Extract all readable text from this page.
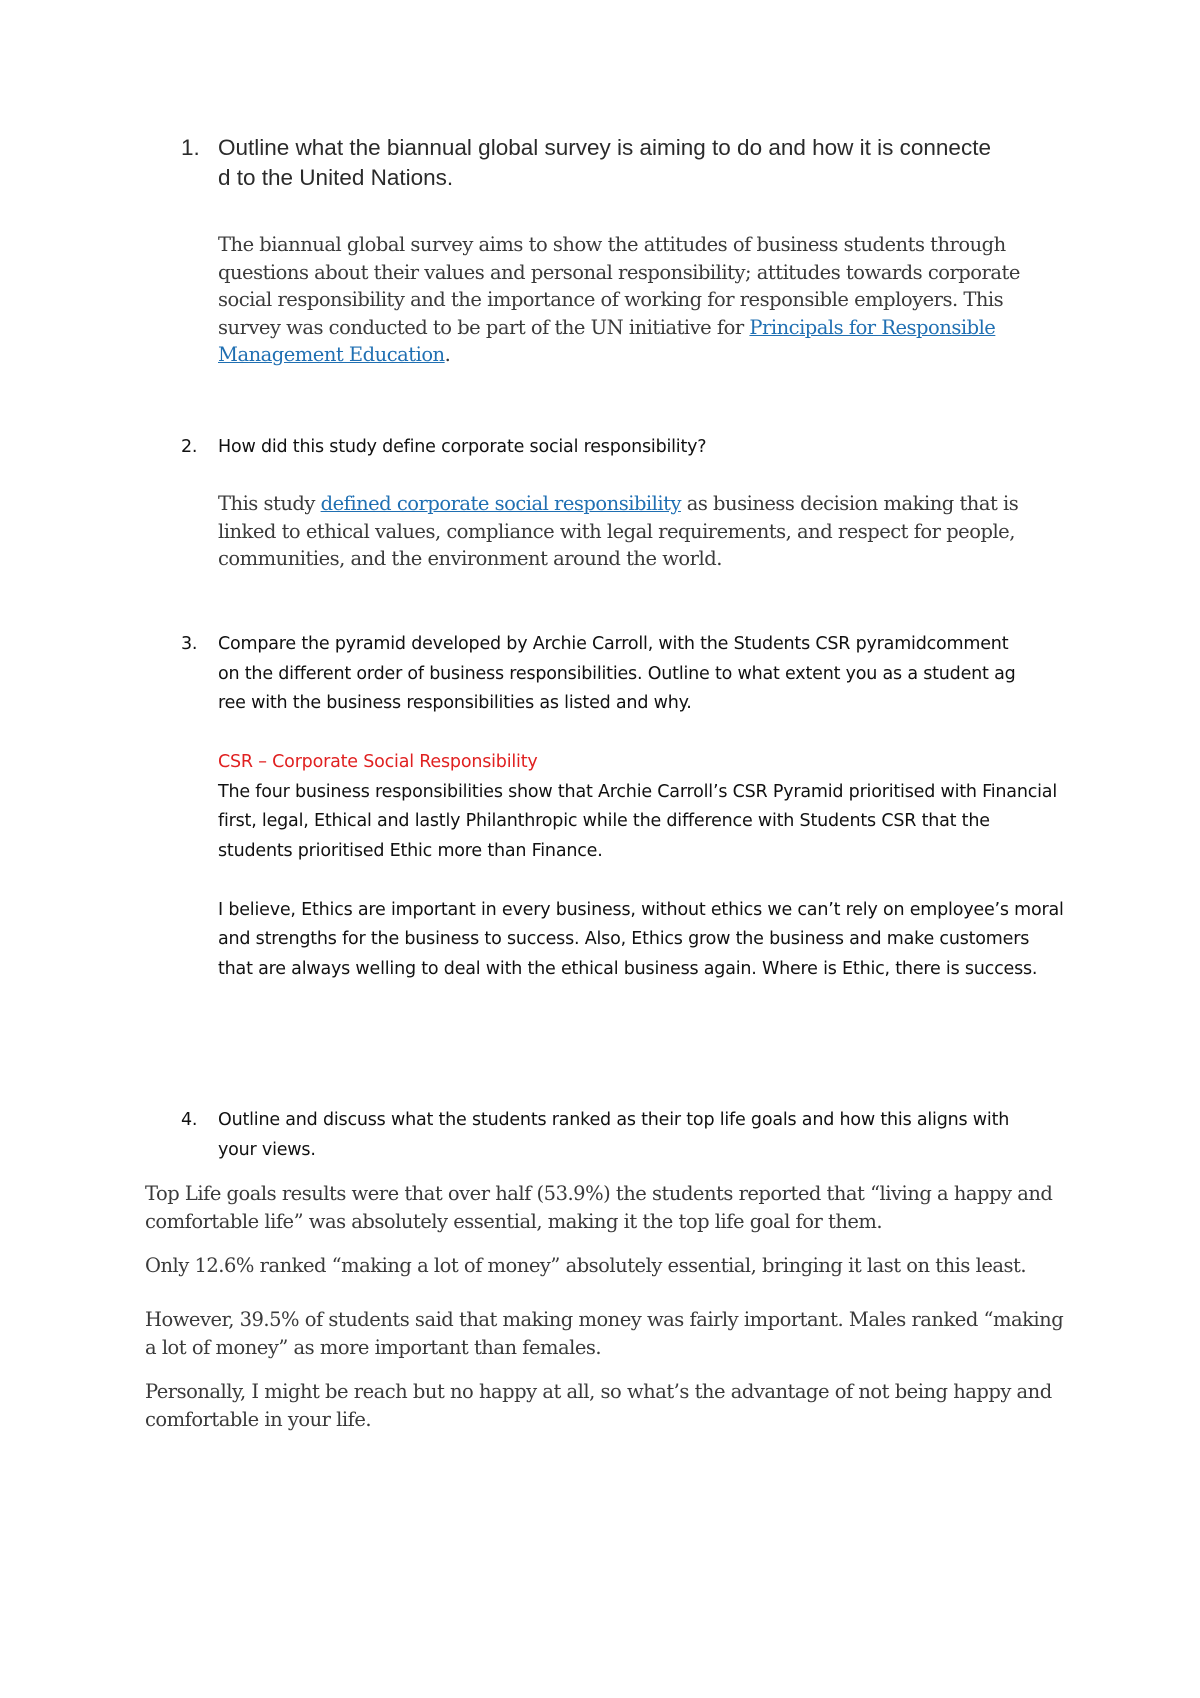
1. Outline what the biannual global survey is aiming to do and how it is connecte
d to the United Nations.
The biannual global survey aims to show the attitudes of business students through questions about their values and personal responsibility; attitudes towards corporate social responsibility and the importance of working for responsible employers. This survey was conducted to be part of the UN initiative for Principals for Responsible Management Education.
2.	How did this study define corporate social responsibility?
This study defined corporate social responsibility as business decision making that is linked to ethical values, compliance with legal requirements, and respect for people, communities, and the environment around the world.
3.	Compare the pyramid developed by Archie Carroll, with the Students CSR pyramidcomment
on the different order of business responsibilities. Outline to what extent you as a student ag
ree with the business responsibilities as listed and why.

CSR – Corporate Social Responsibility

The four business responsibilities show that Archie Carroll’s CSR Pyramid prioritised with Financial first, legal, Ethical and lastly Philanthropic while the difference with Students CSR that the students prioritised Ethic more than Finance.

I believe, Ethics are important in every business, without ethics we can’t rely on employee’s moral and strengths for the business to success. Also, Ethics grow the business and make customers that are always welling to deal with the ethical business again. Where is Ethic, there is success.

4.	Outline and discuss what the students ranked as their top life goals and how this aligns with
your views.
Top Life goals results were that over half (53.9%) the students reported that “living a happy and comfortable life” was absolutely essential, making it the top life goal for them.
Only 12.6% ranked “making a lot of money” absolutely essential, bringing it last on this least.
However, 39.5% of students said that making money was fairly important. Males ranked “making a lot of money” as more important than females.
Personally, I might be reach but no happy at all, so what’s the advantage of not being happy and comfortable in your life.
